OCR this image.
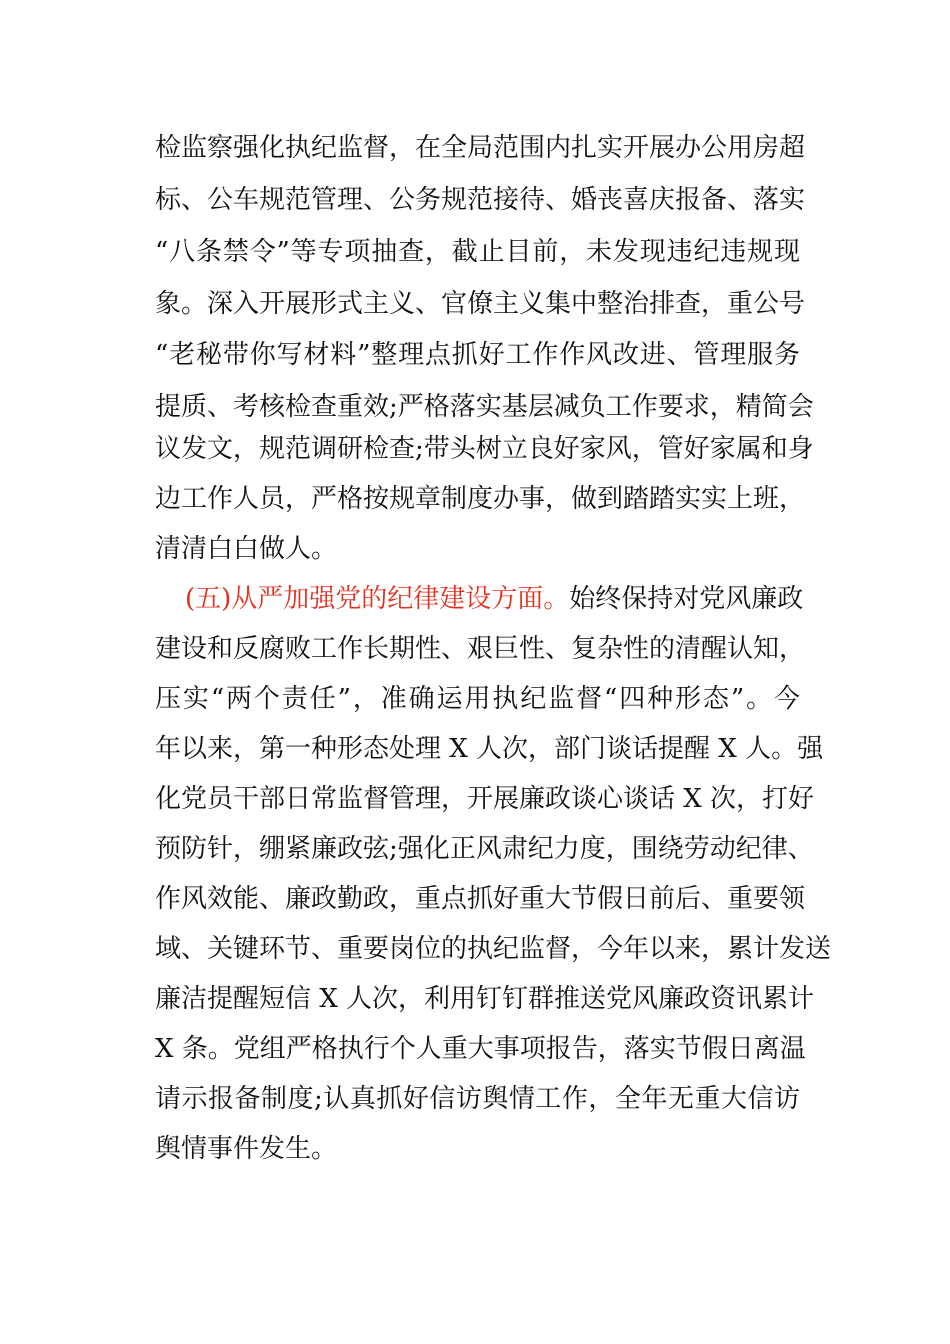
检监察强化执纪监督，在全局范围内扎实开展办公用房超
标、公车规范管理、公务规范接待、婚丧喜庆报备、落实
“八条禁令”等专项抽查，截止目前，未发现违纪违规现
象。深入开展形式主义、官僚主义集中整治排查，重公号
“老秘带你写材料”整理点抓好工作作风改进、管理服务
提质、考核检查重效;严格落实基层减负工作要求，精简会
议发文，规范调研检查;带头树立良好家风，管好家属和身
边工作人员，严格按规章制度办事，做到踏踏实实上班，
清清白白做人。
(五)从严加强党的纪律建设方面。始终保持对党风廉政
建设和反腐败工作长期性、艰巨性、复杂性的清醒认知，
压实“两个责任”，准确运用执纪监督“四种形态”。今
年以来，第一种形态处理 X 人次，部门谈话提醒 X 人。强
化党员干部日常监督管理，开展廉政谈心谈话 X 次，打好
预防针，绷紧廉政弦;强化正风肃纪力度，围绕劳动纪律、
作风效能、廉政勤政，重点抓好重大节假日前后、重要领
域、关键环节、重要岗位的执纪监督，今年以来，累计发送
廉洁提醒短信 X 人次，利用钉钉群推送党风廉政资讯累计
X 条。党组严格执行个人重大事项报告，落实节假日离温
请示报备制度;认真抓好信访舆情工作，全年无重大信访
舆情事件发生。
